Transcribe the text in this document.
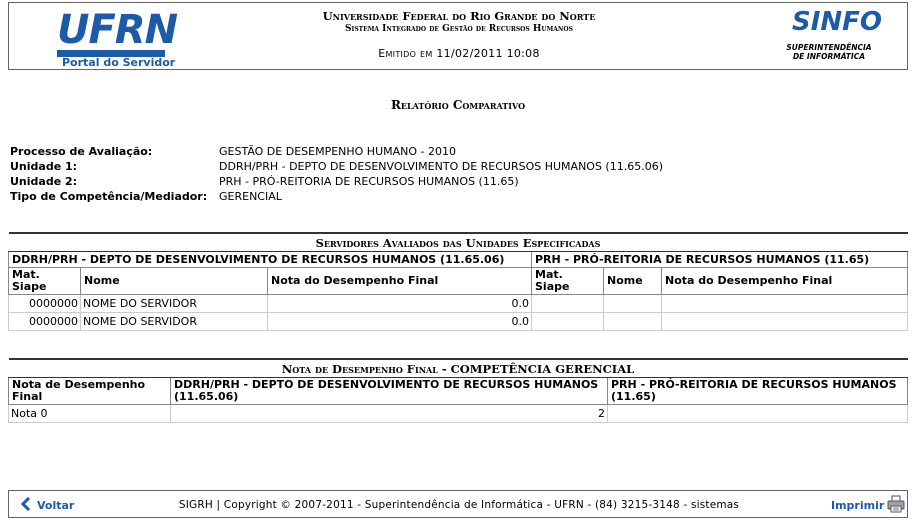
UFRN
Portal do Servidor
Universidade Federal do Rio Grande do Norte
Sistema Integrado de Gestão de Recursos Humanos
Emitido em 11/02/2011 10:08
SINFO
SUPERINTENDÊNCIA
DE INFORMÁTICA
Relatório Comparativo
Processo de Avaliação:	GESTÃO DE DESEMPENHO HUMANO - 2010
Unidade 1:	DDRH/PRH - DEPTO DE DESENVOLVIMENTO DE RECURSOS HUMANOS (11.65.06)
Unidade 2:	PRH - PRÓ-REITORIA DE RECURSOS HUMANOS (11.65)
Tipo de Competência/Mediador:	GERENCIAL
Servidores Avaliados das Unidades Especificadas					
DDRH/PRH - DEPTO DE DESENVOLVIMENTO DE RECURSOS HUMANOS (11.65.06)			PRH - PRÓ-REITORIA DE RECURSOS HUMANOS (11.65)		
Mat. Siape	Nome	Nota do Desempenho Final	Mat. Siape	Nome	Nota do Desempenho Final
0000000	NOME DO SERVIDOR	0.0			
0000000	NOME DO SERVIDOR	0.0			
Nota de Desempenho Final - COMPETÊNCIA GERENCIAL		
Nota de Desempenho Final	DDRH/PRH - DEPTO DE DESENVOLVIMENTO DE RECURSOS HUMANOS (11.65.06)	PRH - PRÓ-REITORIA DE RECURSOS HUMANOS (11.65)
Nota 0	2	
Voltar	SIGRH | Copyright © 2007-2011 - Superintendência de Informática - UFRN - (84) 3215-3148 - sistemas	Imprimir
